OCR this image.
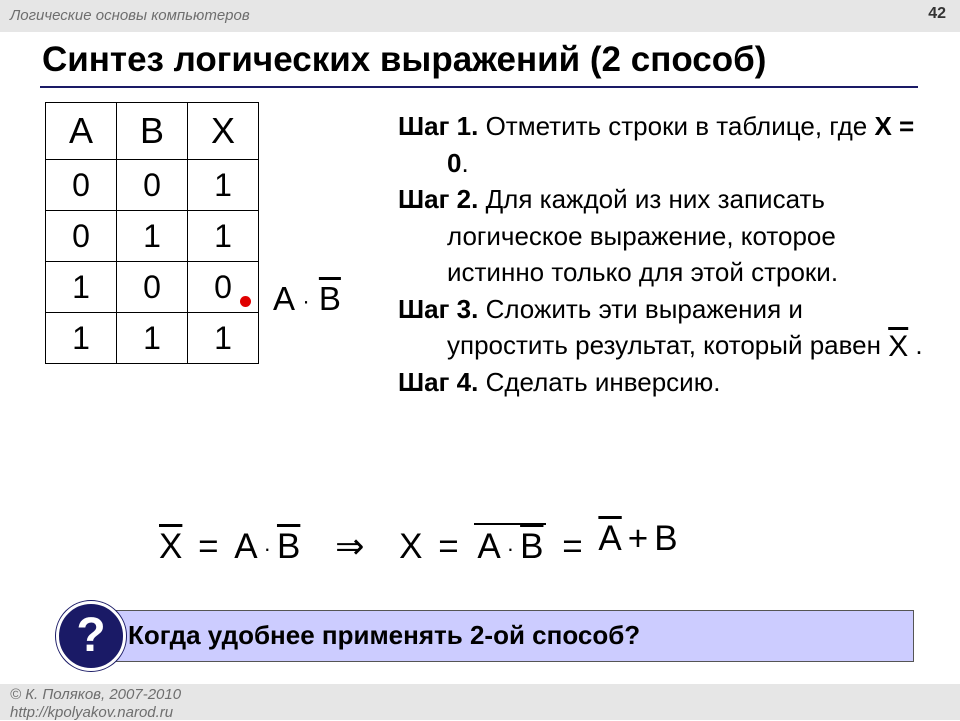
Логические основы компьютеров	42
Синтез логических выражений (2 способ)
A	B	X
0	0	1
0	1	1
1	0	0
1	1	1
$A \cdot \overline{B}$

Шаг 1. Отметить строки в таблице, где X = 0.

Шаг 2. Для каждой из них записать логическое выражение, которое истинно только для этой строки.

Шаг 3. Сложить эти выражения и упростить результат, который равен $\overline{X}$ .

Шаг 4. Сделать инверсию.

$\overline{X} = A \cdot \overline{B}$ ⇒ $X = A \cdot \overline{B} = \overline{A} + B$
? Когда удобнее применять 2-ой способ?
© К. Поляков, 2007-2010
http://kpolyakov.narod.ru
